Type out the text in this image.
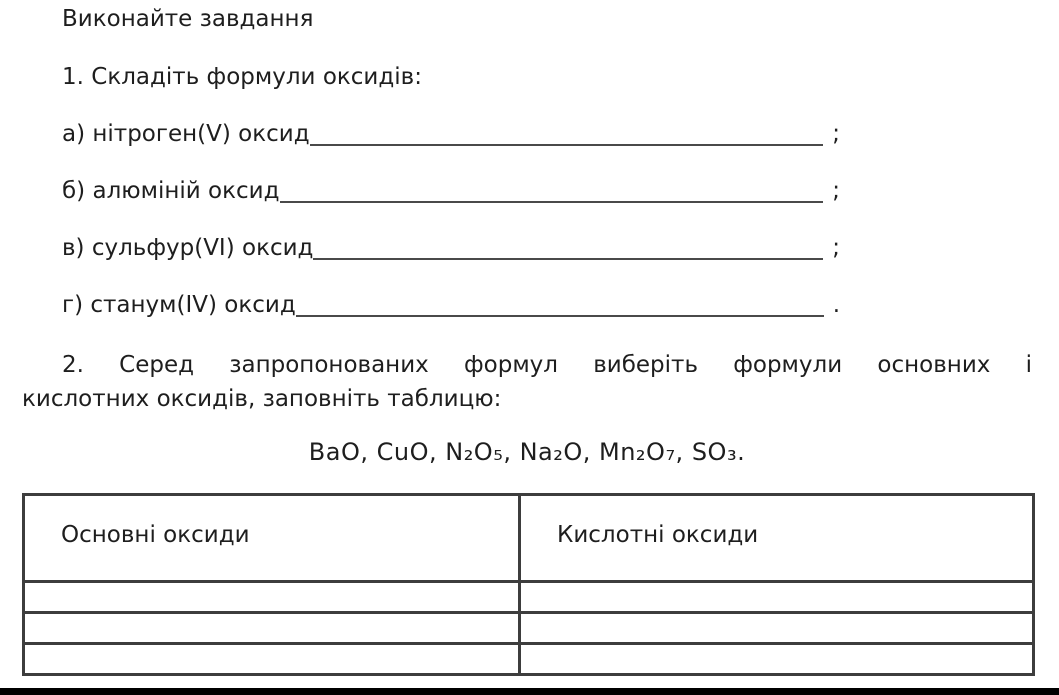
Виконайте завдання

1. Складіть формули оксидів:

а) нітроген(V) оксид	;
б) алюміній оксид	;
в) сульфур(VI) оксид	;
г) станум(IV) оксид	.

2. Серед запропонованих формул виберіть формули основних і

кислотних оксидів, заповніть таблицю:

BaO, CuO, N₂O₅, Na₂O, Mn₂O₇, SO₃.

Основні оксиди	Кислотні оксиди
